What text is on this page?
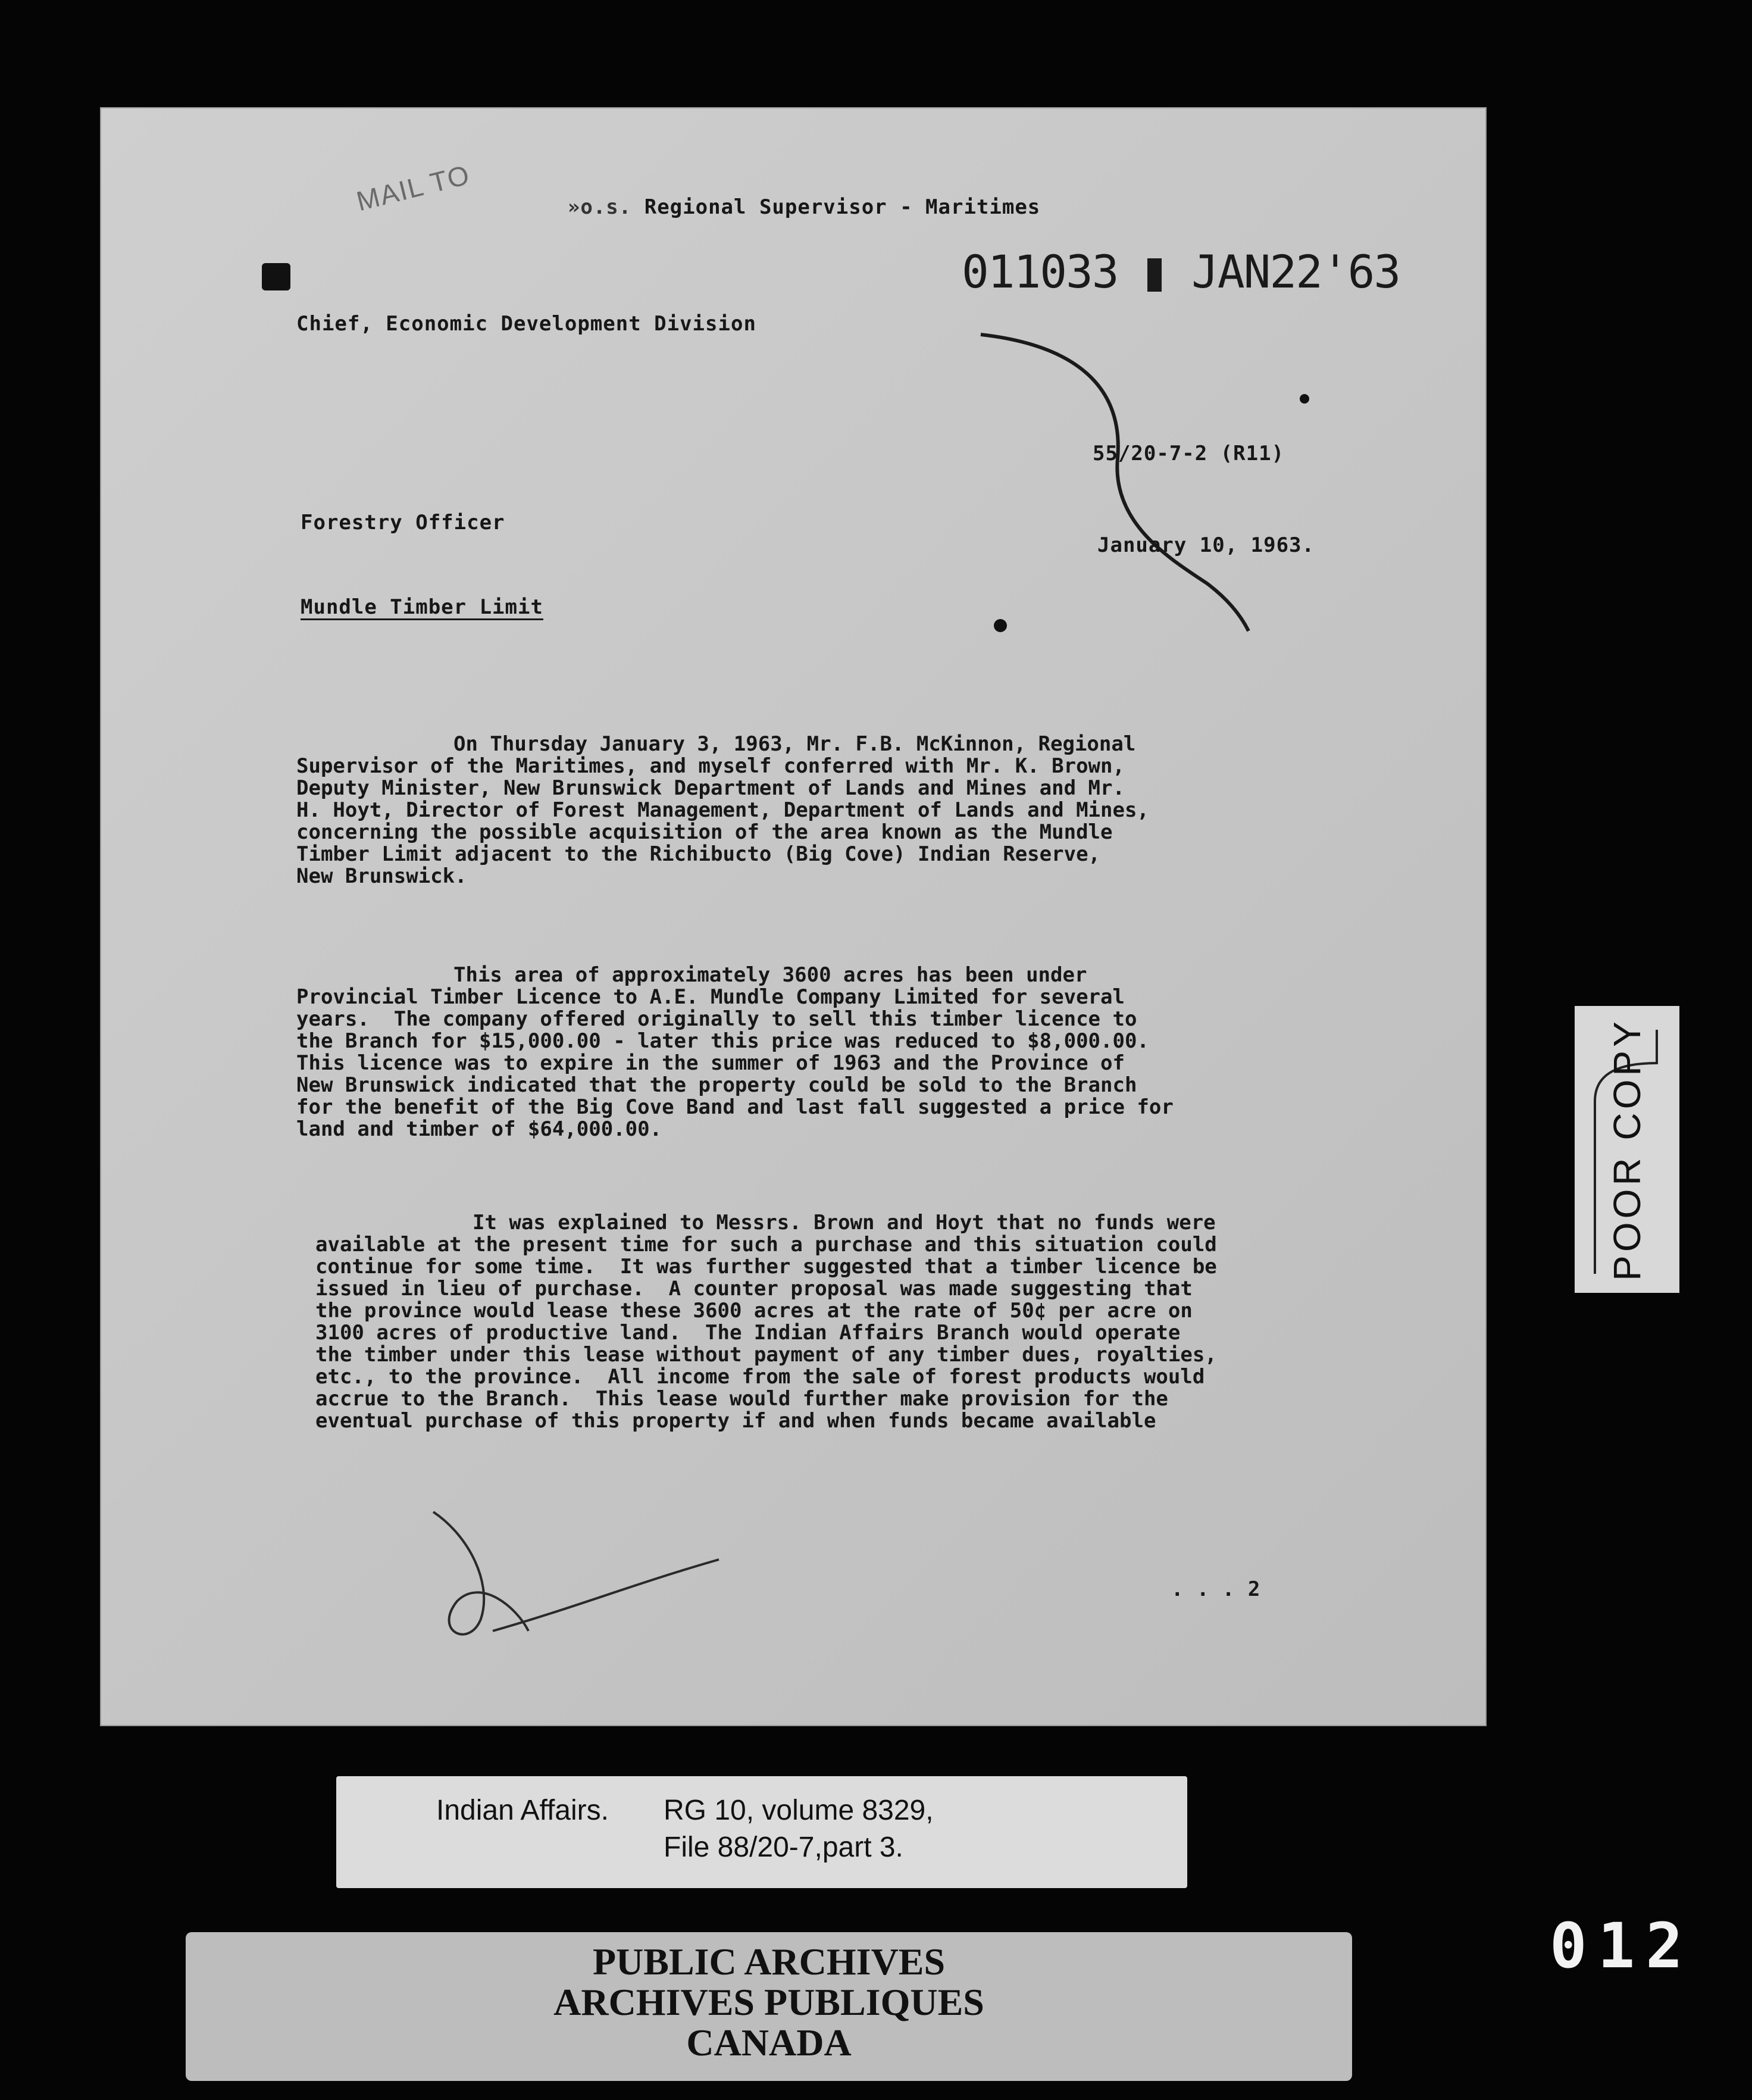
MAIL TO	»o.s. Regional Supervisor - Maritimes

011033 JAN22'63
Chief, Economic Development Division
55/20-7-2 (R11)
Forestry Officer
January 10, 1963.
Mundle Timber Limit
On Thursday January 3, 1963, Mr. F.B. McKinnon, Regional
Supervisor of the Maritimes, and myself conferred with Mr. K. Brown,
Deputy Minister, New Brunswick Department of Lands and Mines and Mr.
H. Hoyt, Director of Forest Management, Department of Lands and Mines,
concerning the possible acquisition of the area known as the Mundle
Timber Limit adjacent to the Richibucto (Big Cove) Indian Reserve,
New Brunswick.
This area of approximately 3600 acres has been under
Provincial Timber Licence to A.E. Mundle Company Limited for several
years.  The company offered originally to sell this timber licence to
the Branch for $15,000.00 - later this price was reduced to $8,000.00.
This licence was to expire in the summer of 1963 and the Province of
New Brunswick indicated that the property could be sold to the Branch
for the benefit of the Big Cove Band and last fall suggested a price for
land and timber of $64,000.00.
It was explained to Messrs. Brown and Hoyt that no funds were
available at the present time for such a purchase and this situation could
continue for some time.  It was further suggested that a timber licence be
issued in lieu of purchase.  A counter proposal was made suggesting that
the province would lease these 3600 acres at the rate of 50¢ per acre on
3100 acres of productive land.  The Indian Affairs Branch would operate
the timber under this lease without payment of any timber dues, royalties,
etc., to the province.  All income from the sale of forest products would
accrue to the Branch.  This lease would further make provision for the
eventual purchase of this property if and when funds became available
. . . 2
POOR COPY
Indian Affairs. RG 10, volume 8329,
File 88/20-7,part 3.
PUBLIC ARCHIVES
ARCHIVES PUBLIQUES
CANADA
012
